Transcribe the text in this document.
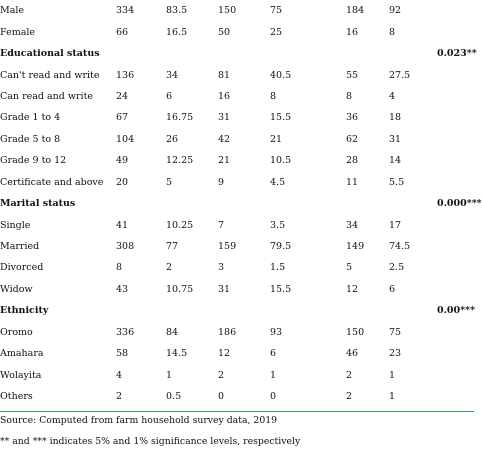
Male	334	83.5	150	75	184	92	
Female	66	16.5	50	25	16	8	
Educational status							0.023**
Can't read and write	136	34	81	40.5	55	27.5	
Can read and write	24	6	16	8	8	4	
Grade 1 to 4	67	16.75	31	15.5	36	18	
Grade 5 to 8	104	26	42	21	62	31	
Grade 9 to 12	49	12.25	21	10.5	28	14	
Certificate and above	20	5	9	4.5	11	5.5	
Marital status							0.000***
Single	41	10.25	7	3.5	34	17	
Married	308	77	159	79.5	149	74.5	
Divorced	8	2	3	1.5	5	2.5	
Widow	43	10.75	31	15.5	12	6	
Ethnicity							0.00***
Oromo	336	84	186	93	150	75	
Amahara	58	14.5	12	6	46	23	
Wolayita	4	1	2	1	2	1	
Others	2	0.5	0	0	2	1	
Source: Computed from farm household survey data, 2019
** and *** indicates 5% and 1% significance levels, respectively
